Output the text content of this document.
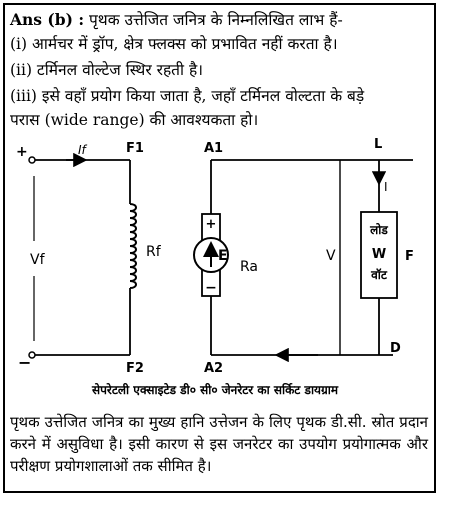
Ans (b) : पृथक उत्तेजित जनित्र के निम्नलिखित लाभ हैं-
(i) आर्मचर में ड्रॉप, क्षेत्र फ्लक्स को प्रभावित नहीं करता है।
(ii) टर्मिनल वोल्टेज स्थिर रहती है।
(iii) इसे वहाँ प्रयोग किया जाता है, जहाँ टर्मिनल वोल्टता के बड़े
परास (wide range) की आवश्यकता हो।
+
−
If	F1
F2
Vf	Rf
+
−
E
Ra
A1
A2
V
L
I
D
F
लोड
W
वॉट
सेपरेटली एक्साइटेड डी० सी० जेनरेटर का सर्किट डायग्राम
पृथक उत्तेजित जनित्र का मुख्य हानि उत्तेजन के लिए पृथक डी.सी. स्रोत प्रदान करने में असुविधा है। इसी कारण से इस जनरेटर का उपयोग प्रयोगात्मक और परीक्षण प्रयोगशालाओं तक सीमित है।
